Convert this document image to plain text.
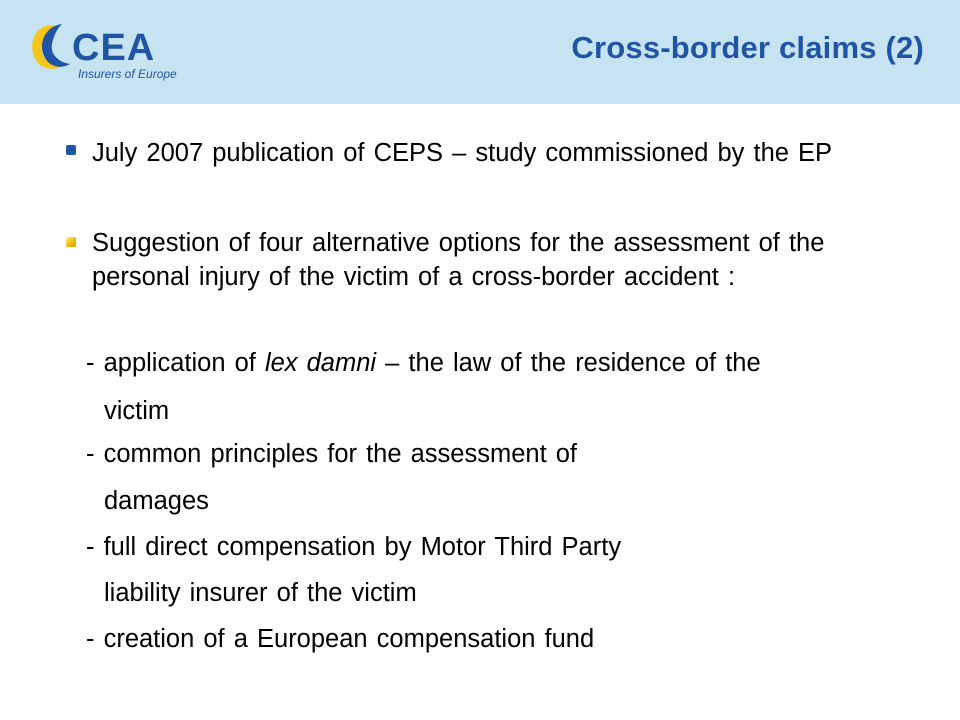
CEA
Insurers of Europe
Cross-border claims (2)
July 2007 publication of CEPS – study commissioned by the EP
Suggestion of four alternative options for the assessment of the personal injury of the victim of a cross-border accident :
- application of lex damni – the law of the residence of the
victim
- common principles for the assessment of
damages
- full direct compensation by Motor Third Party
liability insurer of the victim
- creation of a European compensation fund
